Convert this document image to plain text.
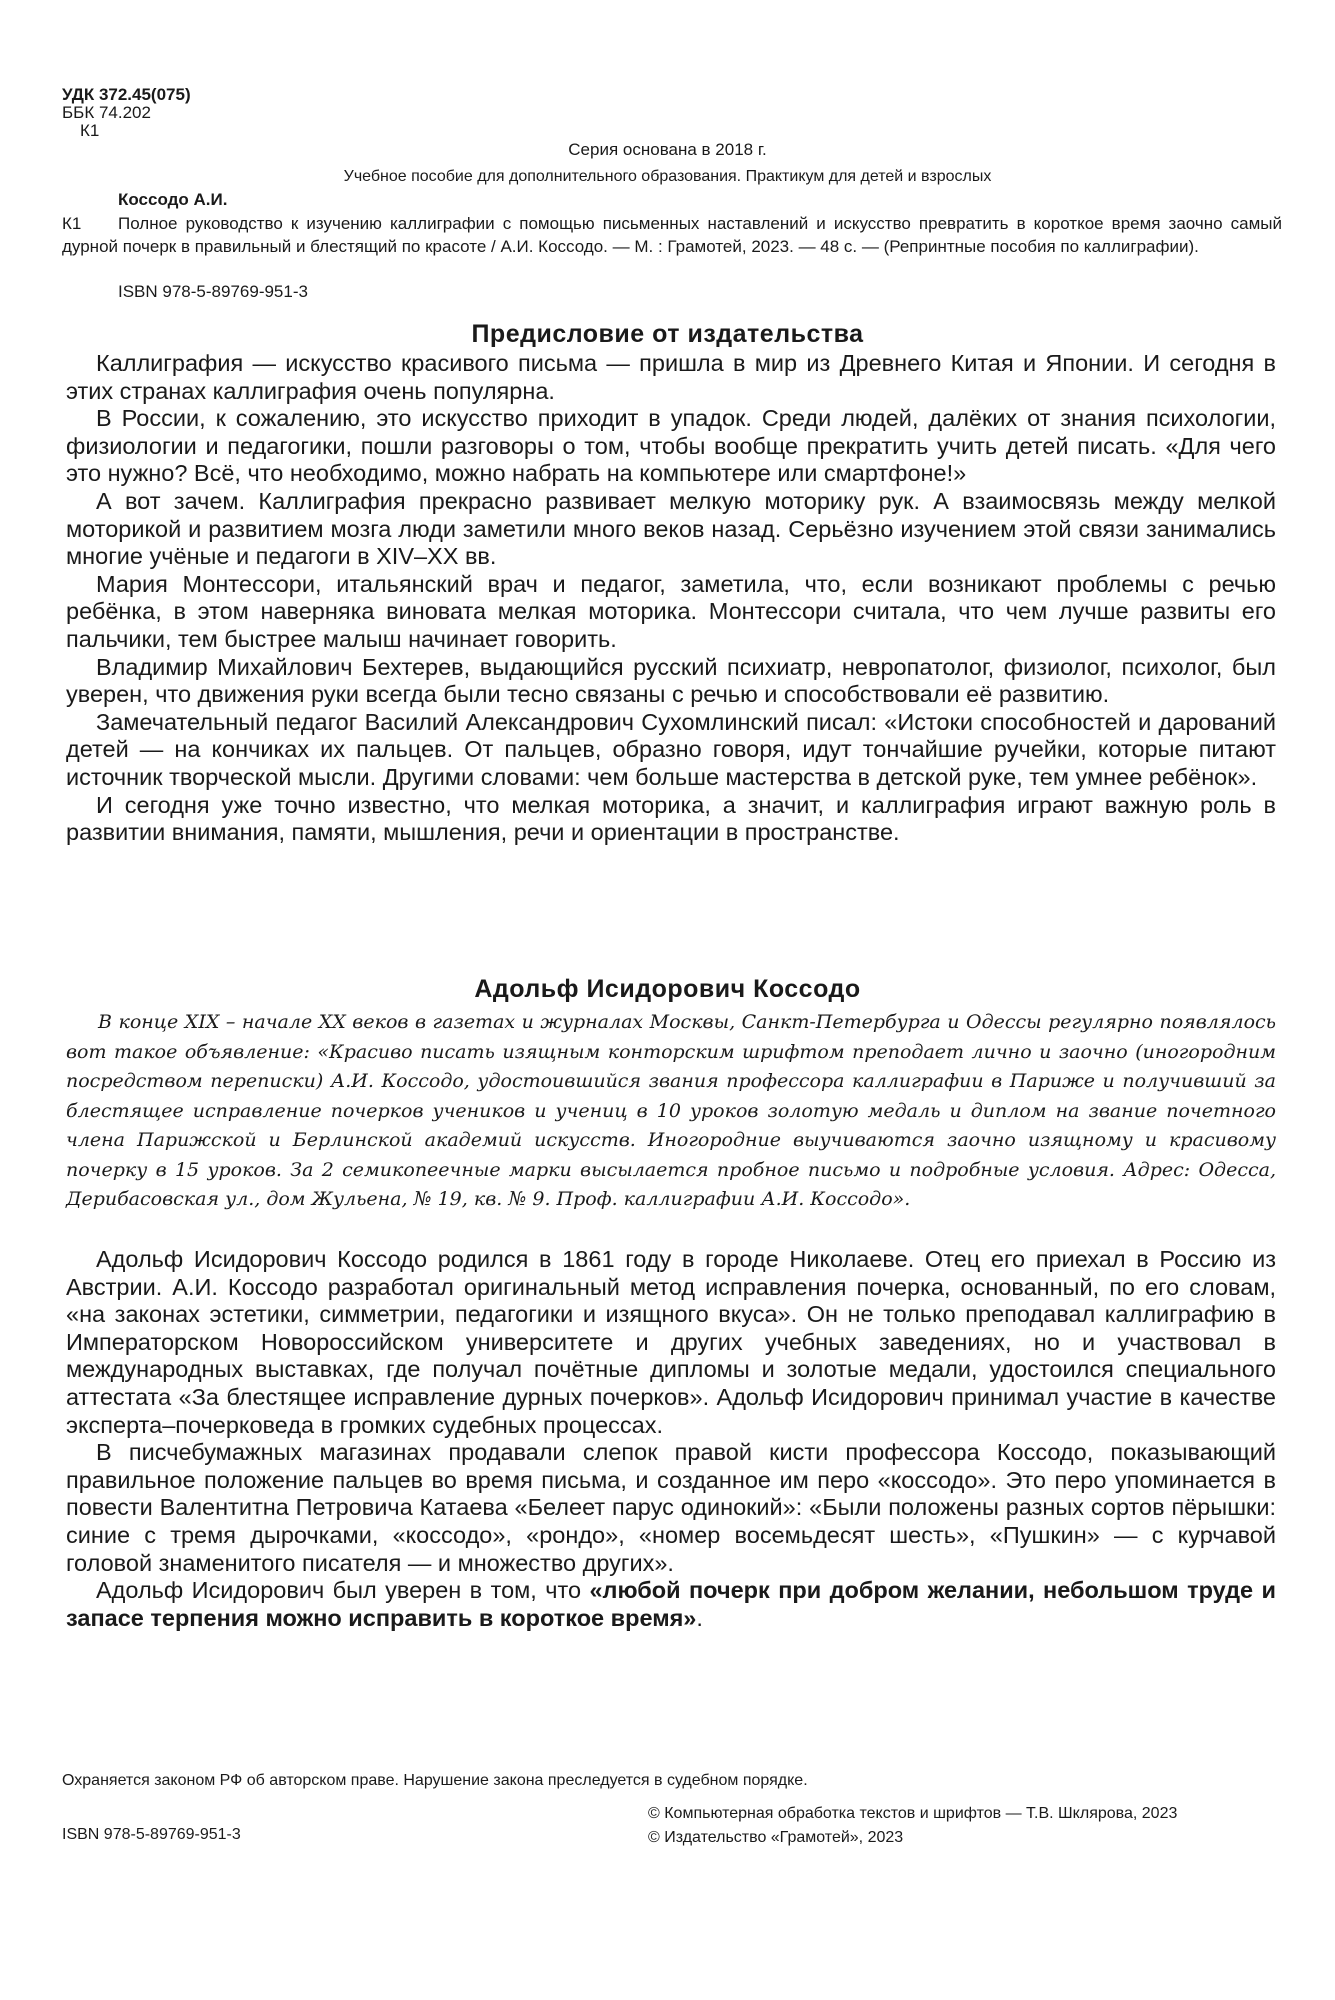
УДК 372.45(075)
ББК 74.202
К1
Серия основана в 2018 г.
Учебное пособие для дополнительного образования. Практикум для детей и взрослых
Коссодо А.И.
К1 Полное руководство к изучению каллиграфии с помощью письменных наставлений и искусство превратить в короткое время заочно самый дурной почерк в правильный и блестящий по красоте / А.И. Коссодо. — М. : Грамотей, 2023. — 48 с. — (Репринтные пособия по каллиграфии).
ISBN 978-5-89769-951-3
Предисловие от издательства

Каллиграфия — искусство красивого письма — пришла в мир из Древнего Китая и Японии. И сегодня в этих странах каллиграфия очень популярна.

В России, к сожалению, это искусство приходит в упадок. Среди людей, далёких от знания психологии, физиологии и педагогики, пошли разговоры о том, чтобы вообще прекратить учить детей писать. «Для чего это нужно? Всё, что необходимо, можно набрать на компьютере или смартфоне!»

А вот зачем. Каллиграфия прекрасно развивает мелкую моторику рук. А взаимосвязь между мелкой моторикой и развитием мозга люди заметили много веков назад. Серьёзно изучением этой связи занимались многие учёные и педагоги в XIV–XX вв.

Мария Монтессори, итальянский врач и педагог, заметила, что, если возникают проблемы с речью ребёнка, в этом наверняка виновата мелкая моторика. Монтессори считала, что чем лучше развиты его пальчики, тем быстрее малыш начинает говорить.

Владимир Михайлович Бехтерев, выдающийся русский психиатр, невропатолог, физиолог, психолог, был уверен, что движения руки всегда были тесно связаны с речью и способствовали её развитию.

Замечательный педагог Василий Александрович Сухомлинский писал: «Истоки способностей и дарований детей — на кончиках их пальцев. От пальцев, образно говоря, идут тончайшие ручейки, которые питают источник творческой мысли. Другими словами: чем больше мастерства в детской руке, тем умнее ребёнок».

И сегодня уже точно известно, что мелкая моторика, а значит, и каллиграфия играют важную роль в развитии внимания, памяти, мышления, речи и ориентации в пространстве.

Адольф Исидорович Коссодо

В конце XIX – начале XX веков в газетах и журналах Москвы, Санкт-Петербурга и Одессы регулярно появлялось вот такое объявление: «Красиво писать изящным конторским шрифтом преподает лично и заочно (иногородним посредством переписки) А.И. Коссодо, удостоившийся звания профессора каллиграфии в Париже и получивший за блестящее исправление почерков учеников и учениц в 10 уроков золотую медаль и диплом на звание почетного члена Парижской и Берлинской академий искусств. Иногородние выучиваются заочно изящному и красивому почерку в 15 уроков. За 2 семикопеечные марки высылается пробное письмо и подробные условия. Адрес: Одесса, Дерибасовская ул., дом Жульена, № 19, кв. № 9. Проф. каллиграфии А.И. Коссодо».

Адольф Исидорович Коссодо родился в 1861 году в городе Николаеве. Отец его приехал в Россию из Австрии. А.И. Коссодо разработал оригинальный метод исправления почерка, основанный, по его словам, «на законах эстетики, симметрии, педагогики и изящного вкуса». Он не только преподавал каллиграфию в Императорском Новороссийском университете и других учебных заведениях, но и участвовал в международных выставках, где получал почётные дипломы и золотые медали, удостоился специального аттестата «За блестящее исправление дурных почерков». Адольф Исидорович принимал участие в качестве эксперта–почерковеда в громких судебных процессах.

В писчебумажных магазинах продавали слепок правой кисти профессора Коссодо, показывающий правильное положение пальцев во время письма, и созданное им перо «коссодо». Это перо упоминается в повести Валентитна Петровича Катаева «Белеет парус одинокий»: «Были положены разных сортов пёрышки: синие с тремя дырочками, «коссодо», «рондо», «номер восемьдесят шесть», «Пушкин» — с курчавой головой знаменитого писателя — и множество других».

Адольф Исидорович был уверен в том, что «любой почерк при добром желании, небольшом труде и запасе терпения можно исправить в короткое время».

Охраняется законом РФ об авторском праве. Нарушение закона преследуется в судебном порядке.
© Компьютерная обработка текстов и шрифтов — Т.В. Шклярова, 2023
© Издательство «Грамотей», 2023
ISBN 978-5-89769-951-3
